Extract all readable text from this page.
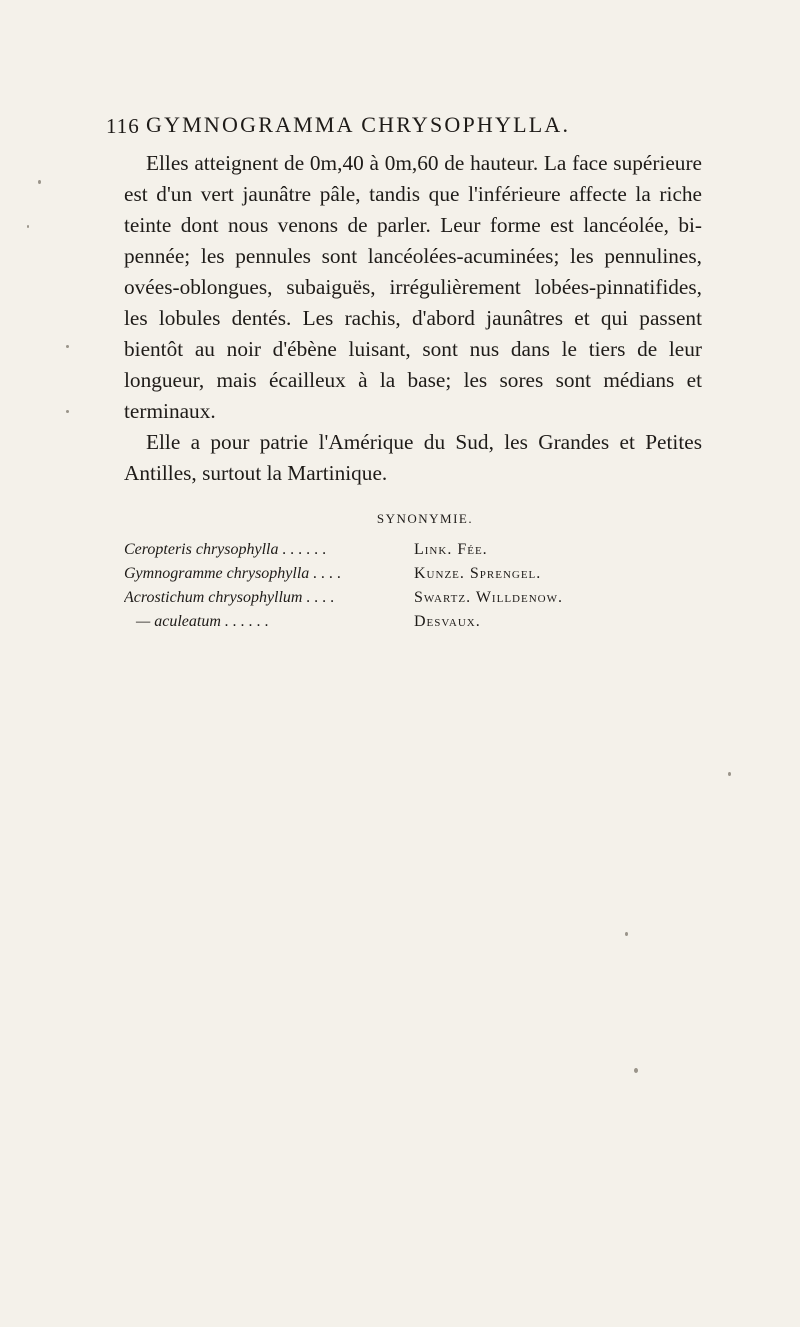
116 GYMNOGRAMMA CHRYSOPHYLLA.

Elles atteignent de 0m,40 à 0m,60 de hauteur. La face supérieure est d'un vert jaunâtre pâle, tandis que l'inférieure affecte la riche teinte dont nous venons de parler. Leur forme est lancéolée, bi-pennée; les pennules sont lancéolées-acuminées; les pennulines, ovées-oblongues, subaiguës, irrégulièrement lobées-pinnatifides, les lobules dentés. Les rachis, d'abord jaunâtres et qui passent bientôt au noir d'ébène luisant, sont nus dans le tiers de leur longueur, mais écailleux à la base; les sores sont médians et terminaux.

Elle a pour patrie l'Amérique du Sud, les Grandes et Petites Antilles, surtout la Martinique.

SYNONYMIE.
Ceropteris chrysophylla . . . . . .	Link. Fée.
Gymnogramme chrysophylla . . . .	Kunze. Sprengel.
Acrostichum chrysophyllum . . . .	Swartz. Willdenow.
— aculeatum . . . . . .	Desvaux.
